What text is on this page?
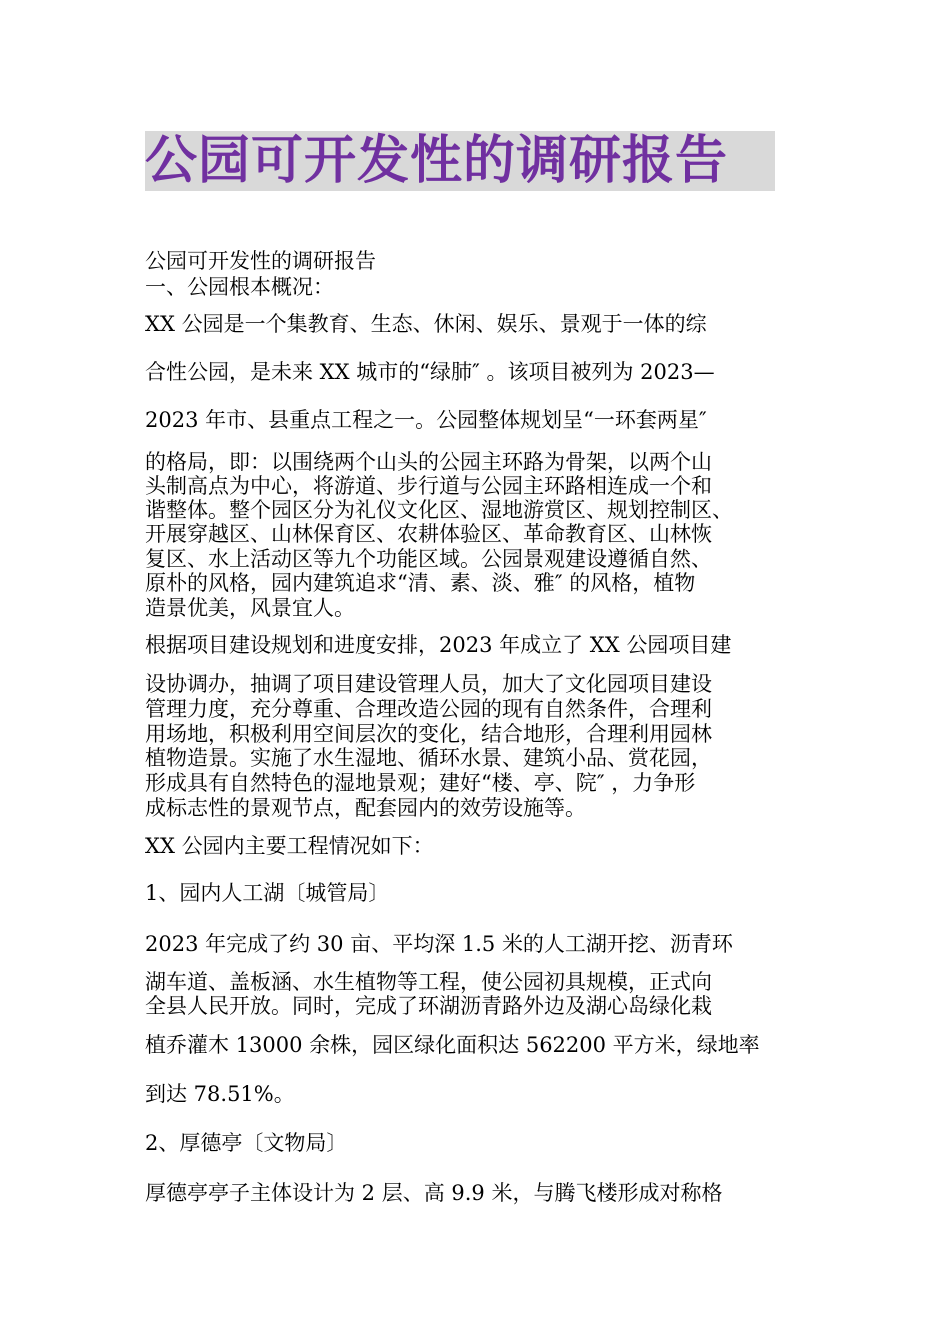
公园可开发性的调研报告
公园可开发性的调研报告
一、公园根本概况：
XX 公园是一个集教育、生态、休闲、娱乐、景观于一体的综
合性公园，是未来 XX 城市的“绿肺″ 。该项目被列为 2023—
2023 年市、县重点工程之一。公园整体规划呈“一环套两星″
的格局，即：以围绕两个山头的公园主环路为骨架，以两个山
头制高点为中心，将游道、步行道与公园主环路相连成一个和
谐整体。整个园区分为礼仪文化区、湿地游赏区、规划控制区、
开展穿越区、山林保育区、农耕体验区、革命教育区、山林恢
复区、水上活动区等九个功能区域。公园景观建设遵循自然、
原朴的风格，园内建筑追求“清、素、淡、雅″ 的风格，植物
造景优美，风景宜人。
根据项目建设规划和进度安排，2023 年成立了 XX 公园项目建
设协调办，抽调了项目建设管理人员，加大了文化园项目建设
管理力度，充分尊重、合理改造公园的现有自然条件，合理利
用场地，积极利用空间层次的变化，结合地形，合理利用园林
植物造景。实施了水生湿地、循环水景、建筑小品、赏花园，
形成具有自然特色的湿地景观；建好“楼、亭、院″ ，力争形
成标志性的景观节点，配套园内的效劳设施等。
XX 公园内主要工程情况如下：
1、园内人工湖〔城管局〕
2023 年完成了约 30 亩、平均深 1.5 米的人工湖开挖、沥青环
湖车道、盖板涵、水生植物等工程，使公园初具规模，正式向
全县人民开放。同时，完成了环湖沥青路外边及湖心岛绿化栽
植乔灌木 13000 余株，园区绿化面积达 562200 平方米，绿地率
到达 78.51%。
2、厚德亭〔文物局〕
厚德亭亭子主体设计为 2 层、高 9.9 米，与腾飞楼形成对称格
